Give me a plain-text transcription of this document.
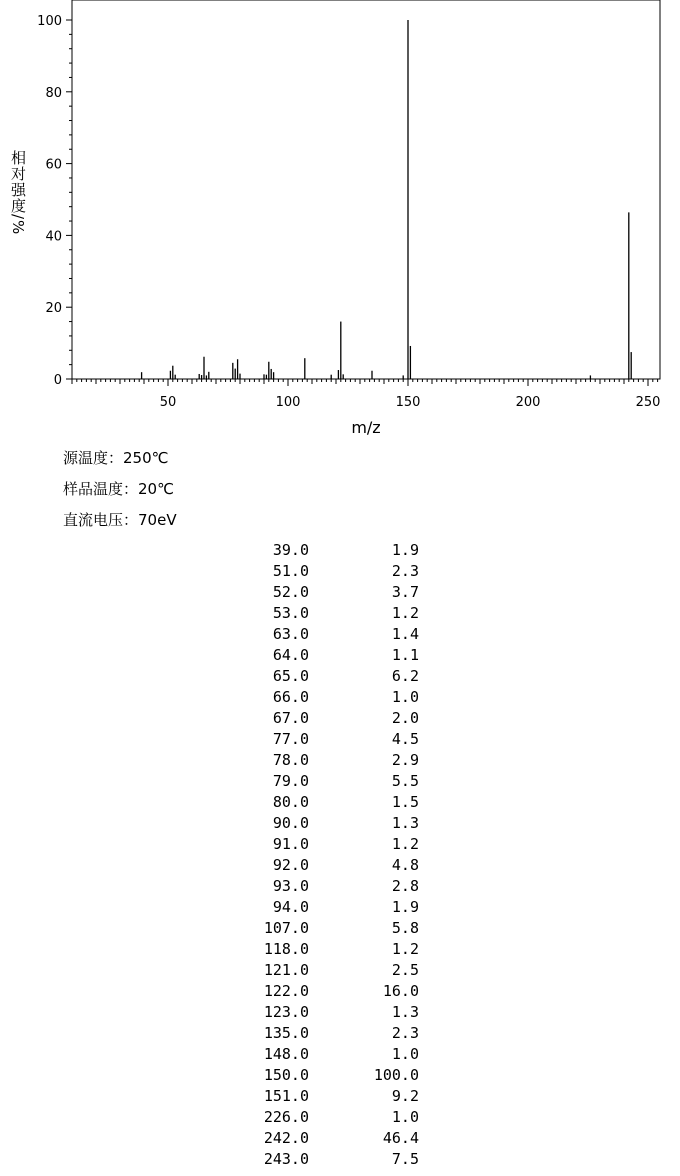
0
20
40
60
80
100
50	100	150	200	250
m/z
相对强度/%
源温度：250℃
样品温度：20℃
直流电压：70eV
39.0	1.9
51.0	2.3
52.0	3.7
53.0	1.2
63.0	1.4
64.0	1.1
65.0	6.2
66.0	1.0
67.0	2.0
77.0	4.5
78.0	2.9
79.0	5.5
80.0	1.5
90.0	1.3
91.0	1.2
92.0	4.8
93.0	2.8
94.0	1.9
107.0	5.8
118.0	1.2
121.0	2.5
122.0	16.0
123.0	1.3
135.0	2.3
148.0	1.0
150.0	100.0
151.0	9.2
226.0	1.0
242.0	46.4
243.0	7.5
